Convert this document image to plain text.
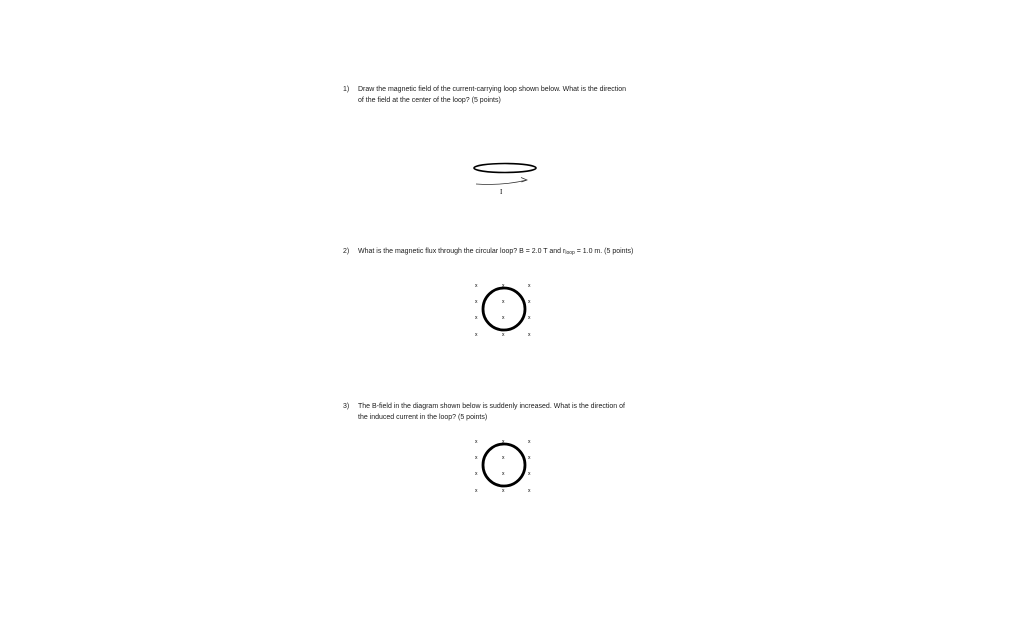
1)	Draw the magnetic field of the current-carrying loop shown below. What is the direction
of the field at the center of the loop? (5 points)
I
2)	What is the magnetic flux through the circular loop? B = 2.0 T and $r_{loop} = 1.0$ m. (5 points)
x	x	x
x	x	x
x	x	x
x	x	x
3)	The B-field in the diagram shown below is suddenly increased. What is the direction of
the induced current in the loop? (5 points)
x	x	x
x	x	x
x	x	x
x	x	x
